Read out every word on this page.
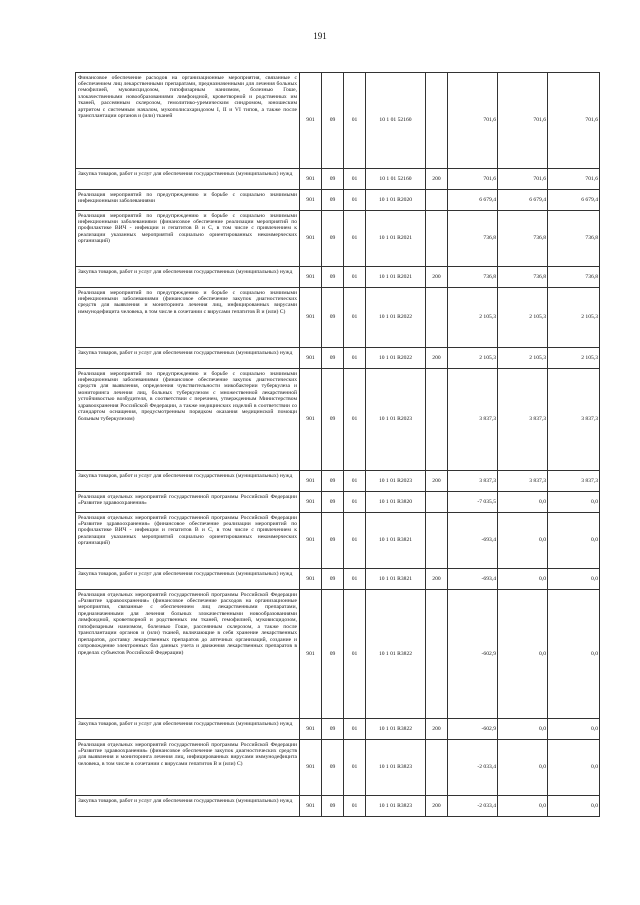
191
Финансовое обеспечение расходов на организационные мероприятия, связанные с обеспечением лиц лекарственными препаратами, предназначенными для лечения больных гемофилией, муковисцидозом, гипофизарным нанизмом, болезнью Гоше, злокачественными новообразованиями лимфоидной, кроветворной и родственных им тканей, рассеянным склерозом, гемолитико-уремическим синдромом, юношеским артритом с системным началом, мукополисахаридозом I, II и VI типов, а также после трансплантации органов и (или) тканей	901	09	01	10 1 01 52160		701,6	701,6	701,6
Закупка товаров, работ и услуг для обеспечения государственных (муниципальных) нужд	901	09	01	10 1 01 52160	200	701,6	701,6	701,6
Реализация мероприятий по предупреждению и борьбе с социально значимыми инфекционными заболеваниями	901	09	01	10 1 01 R2020		6 679,4	6 679,4	6 679,4
Реализация мероприятий по предупреждению и борьбе с социально значимыми инфекционными заболеваниями (финансовое обеспечение реализации мероприятий по профилактике ВИЧ - инфекции и гепатитов В и С, в том числе с привлечением к реализации указанных мероприятий социально ориентированных некоммерческих организаций)	901	09	01	10 1 01 R2021		736,8	736,8	736,8
Закупка товаров, работ и услуг для обеспечения государственных (муниципальных) нужд	901	09	01	10 1 01 R2021	200	736,8	736,8	736,8
Реализация мероприятий по предупреждению и борьбе с социально значимыми инфекционными заболеваниями (финансовое обеспечение закупок диагностических средств для выявления и мониторинга лечения лиц, инфицированных вирусами иммунодефицита человека, в том числе в сочетании с вирусами гепатитов В и (или) С)	901	09	01	10 1 01 R2022		2 105,3	2 105,3	2 105,3
Закупка товаров, работ и услуг для обеспечения государственных (муниципальных) нужд	901	09	01	10 1 01 R2022	200	2 105,3	2 105,3	2 105,3
Реализация мероприятий по предупреждению и борьбе с социально значимыми инфекционными заболеваниями (финансовое обеспечение закупок диагностических средств для выявления, определения чувствительности микобактерии туберкулеза и мониторинга лечения лиц, больных туберкулезом с множественной лекарственной устойчивостью возбудителя, в соответствии с перечнем, утвержденным Министерством здравоохранения Российской Федерации, а также медицинских изделий в соответствии со стандартом оснащения, предусмотренным порядком оказания медицинской помощи больным туберкулезом)	901	09	01	10 1 01 R2023		3 837,3	3 837,3	3 837,3
Закупка товаров, работ и услуг для обеспечения государственных (муниципальных) нужд	901	09	01	10 1 01 R2023	200	3 837,3	3 837,3	3 837,3
Реализация отдельных мероприятий государственной программы Российской Федерации «Развитие здравоохранения»	901	09	01	10 1 01 R3820		-7 035,5	0,0	0,0
Реализация отдельных мероприятий государственной программы Российской Федерации «Развитие здравоохранения» (финансовое обеспечение реализации мероприятий по профилактике ВИЧ - инфекции и гепатитов В и С, в том числе с привлечением к реализации указанных мероприятий социально ориентированных некоммерческих организаций)	901	09	01	10 1 01 R3821		-693,4	0,0	0,0
Закупка товаров, работ и услуг для обеспечения государственных (муниципальных) нужд	901	09	01	10 1 01 R3821	200	-693,4	0,0	0,0
Реализация отдельных мероприятий государственной программы Российской Федерации «Развитие здравоохранения» (финансовое обеспечение расходов на организационные мероприятия, связанные с обеспечением лиц лекарственными препаратами, предназначенными для лечения больных злокачественными новообразованиями лимфоидной, кроветворной и родственных им тканей, гемофилией, муковисцидозом, гипофизарным нанизмом, болезнью Гоше, рассеянным склерозом, а также после трансплантации органов и (или) тканей, включающие в себя хранение лекарственных препаратов, доставку лекарственных препаратов до аптечных организаций, создание и сопровождение электронных баз данных учета и движения лекарственных препаратов в пределах субъектов Российской Федерации)	901	09	01	10 1 01 R3822		-602,9	0,0	0,0
Закупка товаров, работ и услуг для обеспечения государственных (муниципальных) нужд	901	09	01	10 1 01 R3822	200	-602,9	0,0	0,0
Реализация отдельных мероприятий государственной программы Российской Федерации «Развитие здравоохранения» (финансовое обеспечение закупок диагностических средств для выявления и мониторинга лечения лиц, инфицированных вирусами иммунодефицита человека, в том числе в сочетании с вирусами гепатитов В и (или) С)	901	09	01	10 1 01 R3823		-2 033,4	0,0	0,0
Закупка товаров, работ и услуг для обеспечения государственных (муниципальных) нужд	901	09	01	10 1 01 R3823	200	-2 033,4	0,0	0,0
